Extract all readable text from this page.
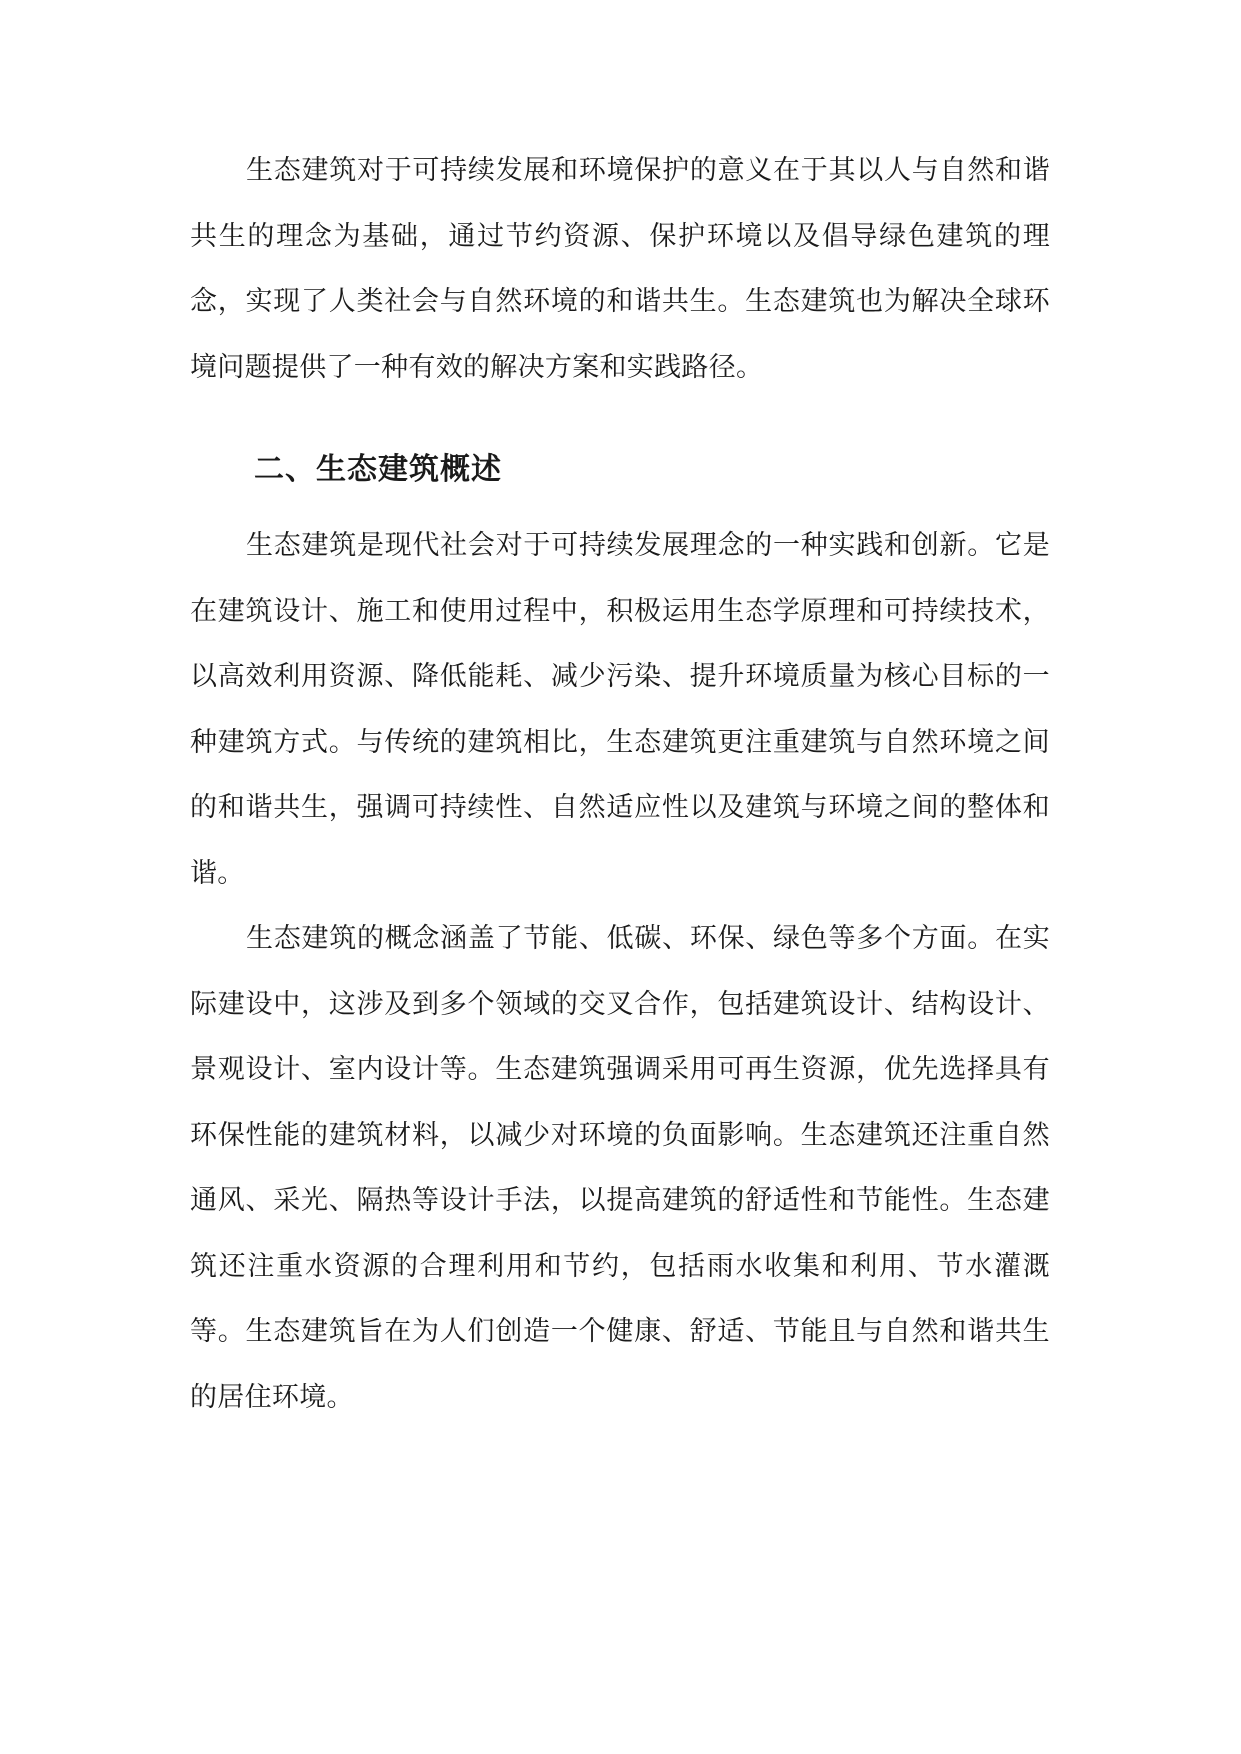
生态建筑对于可持续发展和环境保护的意义在于其以人与自然和谐共生的理念为基础，通过节约资源、保护环境以及倡导绿色建筑的理念，实现了人类社会与自然环境的和谐共生。生态建筑也为解决全球环境问题提供了一种有效的解决方案和实践路径。

二、生态建筑概述

生态建筑是现代社会对于可持续发展理念的一种实践和创新。它是在建筑设计、施工和使用过程中，积极运用生态学原理和可持续技术，以高效利用资源、降低能耗、减少污染、提升环境质量为核心目标的一种建筑方式。与传统的建筑相比，生态建筑更注重建筑与自然环境之间的和谐共生，强调可持续性、自然适应性以及建筑与环境之间的整体和谐。

生态建筑的概念涵盖了节能、低碳、环保、绿色等多个方面。在实际建设中，这涉及到多个领域的交叉合作，包括建筑设计、结构设计、景观设计、室内设计等。生态建筑强调采用可再生资源，优先选择具有环保性能的建筑材料，以减少对环境的负面影响。生态建筑还注重自然通风、采光、隔热等设计手法，以提高建筑的舒适性和节能性。生态建筑还注重水资源的合理利用和节约，包括雨水收集和利用、节水灌溉等。生态建筑旨在为人们创造一个健康、舒适、节能且与自然和谐共生的居住环境。
